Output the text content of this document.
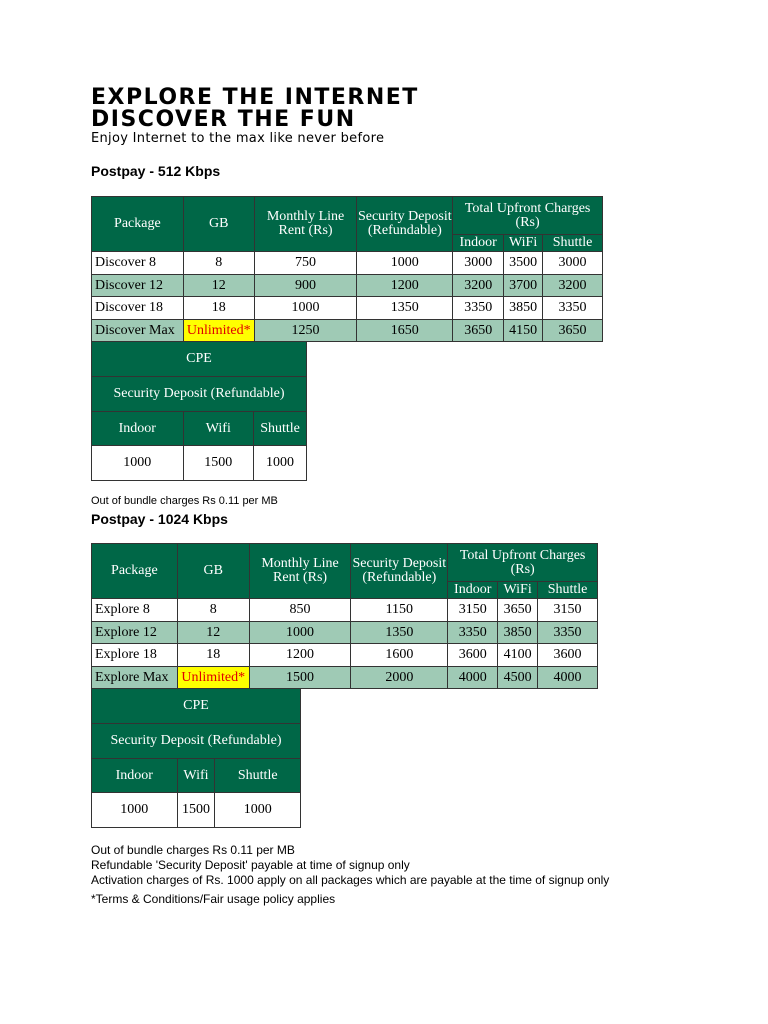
EXPLORE THE INTERNET
DISCOVER THE FUN
Enjoy Internet to the max like never before
Postpay - 512 Kbps
Package	GB	Monthly Line Rent (Rs)	Security Deposit (Refundable)	Total Upfront Charges (Rs)		
				Indoor	WiFi	Shuttle
Discover 8	8	750	1000	3000	3500	3000
Discover 12	12	900	1200	3200	3700	3200
Discover 18	18	1000	1350	3350	3850	3350
Discover Max	Unlimited*	1250	1650	3650	4150	3650
CPE		
Security Deposit (Refundable)		
Indoor	Wifi	Shuttle
1000	1500	1000
Out of bundle charges Rs 0.11 per MB
Postpay - 1024 Kbps
Package	GB	Monthly Line Rent (Rs)	Security Deposit (Refundable)	Total Upfront Charges (Rs)		
				Indoor	WiFi	Shuttle
Explore 8	8	850	1150	3150	3650	3150
Explore 12	12	1000	1350	3350	3850	3350
Explore 18	18	1200	1600	3600	4100	3600
Explore Max	Unlimited*	1500	2000	4000	4500	4000
CPE		
Security Deposit (Refundable)		
Indoor	Wifi	Shuttle
1000	1500	1000
Out of bundle charges Rs 0.11 per MB
Refundable 'Security Deposit' payable at time of signup only
Activation charges of Rs. 1000 apply on all packages which are payable at the time of signup only
*Terms & Conditions/Fair usage policy applies
